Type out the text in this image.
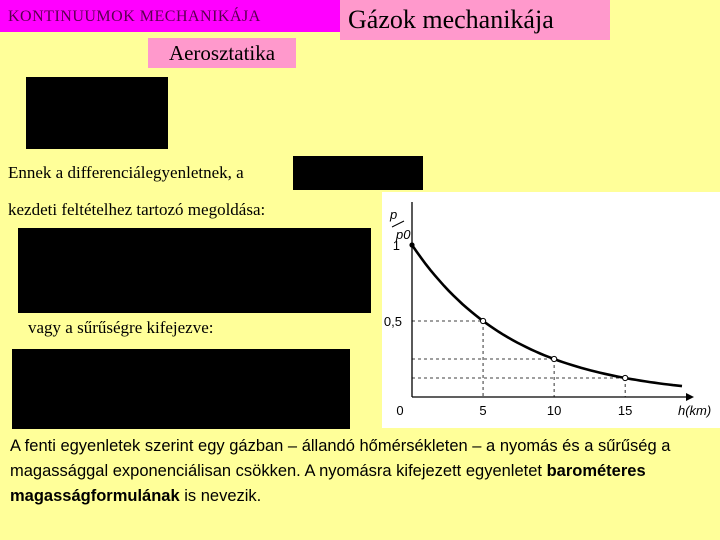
KONTINUUMOK MECHANIKÁJA	Gázok mechanikája
Aerosztatika
Ennek a differenciálegyenletnek, a
kezdeti feltételhez tartozó megoldása:
vagy a sűrűségre kifejezve:
5	10	15
0
0,5
1
h(km)
p
p0
A fenti egyenletek szerint egy gázban – állandó hőmérsékleten – a nyomás és a sűrűség a magassággal exponenciálisan csökken. A nyomásra kifejezett egyenletet barométeres magasságformulának is nevezik.
